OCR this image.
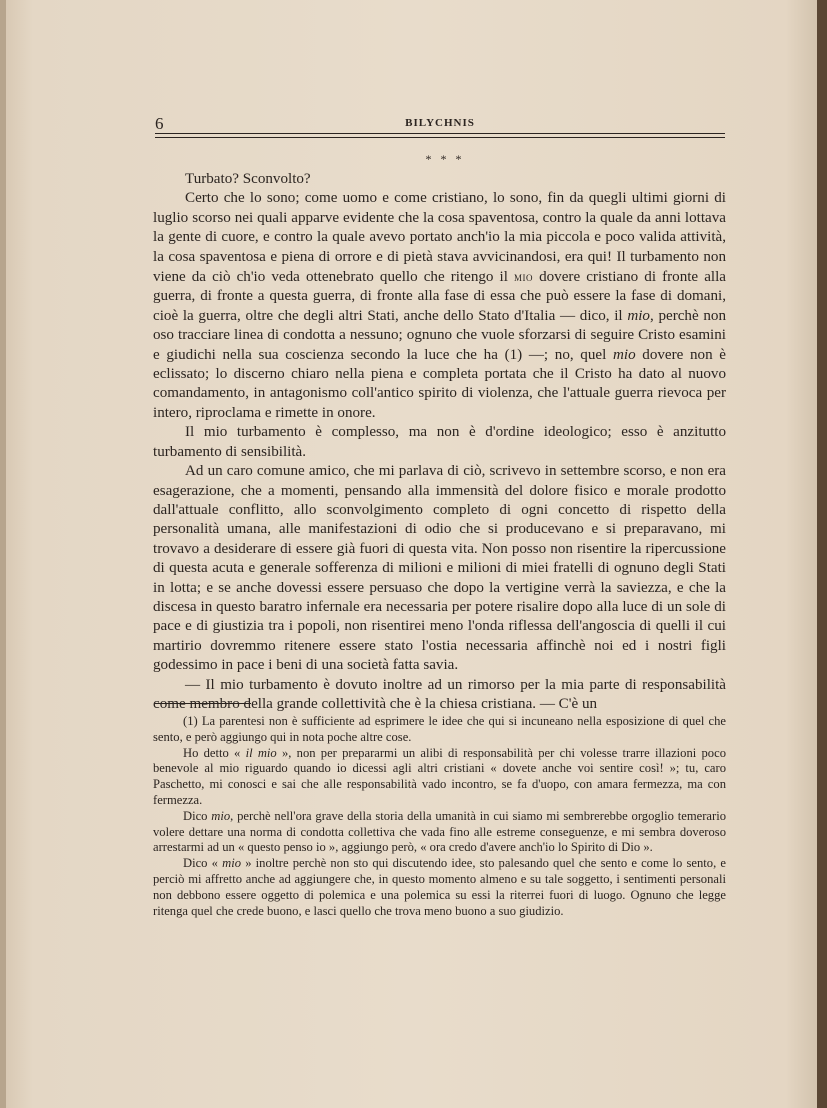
6	BILYCHNIS
* * *

Turbato? Sconvolto?

Certo che lo sono; come uomo e come cristiano, lo sono, fin da quegli ultimi giorni di luglio scorso nei quali apparve evidente che la cosa spaventosa, contro la quale da anni lottava la gente di cuore, e contro la quale avevo portato anch'io la mia piccola e poco valida attività, la cosa spaventosa e piena di orrore e di pietà stava avvicinandosi, era qui! Il turbamento non viene da ciò ch'io veda ottenebrato quello che ritengo il mio dovere cristiano di fronte alla guerra, di fronte a questa guerra, di fronte alla fase di essa che può essere la fase di domani, cioè la guerra, oltre che degli altri Stati, anche dello Stato d'Italia — dico, il mio, perchè non oso tracciare linea di condotta a nessuno; ognuno che vuole sforzarsi di seguire Cristo esamini e giudichi nella sua coscienza secondo la luce che ha (1) —; no, quel mio dovere non è eclissato; lo discerno chiaro nella piena e completa portata che il Cristo ha dato al nuovo comandamento, in antagonismo coll'antico spirito di violenza, che l'attuale guerra rievoca per intero, riproclama e rimette in onore.

Il mio turbamento è complesso, ma non è d'ordine ideologico; esso è anzitutto turbamento di sensibilità.

Ad un caro comune amico, che mi parlava di ciò, scrivevo in settembre scorso, e non era esagerazione, che a momenti, pensando alla immensità del dolore fisico e morale prodotto dall'attuale conflitto, allo sconvolgimento completo di ogni concetto di rispetto della personalità umana, alle manifestazioni di odio che si producevano e si preparavano, mi trovavo a desiderare di essere già fuori di questa vita. Non posso non risentire la ripercussione di questa acuta e generale sofferenza di milioni e milioni di miei fratelli di ognuno degli Stati in lotta; e se anche dovessi essere persuaso che dopo la vertigine verrà la saviezza, e che la discesa in questo baratro infernale era necessaria per potere risalire dopo alla luce di un sole di pace e di giustizia tra i popoli, non risentirei meno l'onda riflessa dell'angoscia di quelli il cui martirio dovremmo ritenere essere stato l'ostia necessaria affinchè noi ed i nostri figli godessimo in pace i beni di una società fatta savia.

— Il mio turbamento è dovuto inoltre ad un rimorso per la mia parte di responsabilità come membro della grande collettività che è la chiesa cristiana. — C'è un

(1) La parentesi non è sufficiente ad esprimere le idee che qui si incuneano nella esposizione di quel che sento, e però aggiungo qui in nota poche altre cose.

Ho detto « il mio », non per prepararmi un alibi di responsabilità per chi volesse trarre illazioni poco benevole al mio riguardo quando io dicessi agli altri cristiani « dovete anche voi sentire così! »; tu, caro Paschetto, mi conosci e sai che alle responsabilità vado incontro, se fa d'uopo, con amara fermezza, ma con fermezza.

Dico mio, perchè nell'ora grave della storia della umanità in cui siamo mi sembrerebbe orgoglio temerario volere dettare una norma di condotta collettiva che vada fino alle estreme conseguenze, e mi sembra doveroso arrestarmi ad un « questo penso io », aggiungo però, « ora credo d'avere anch'io lo Spirito di Dio ».

Dico « mio » inoltre perchè non sto qui discutendo idee, sto palesando quel che sento e come lo sento, e perciò mi affretto anche ad aggiungere che, in questo momento almeno e su tale soggetto, i sentimenti personali non debbono essere oggetto di polemica e una polemica su essi la riterrei fuori di luogo. Ognuno che legge ritenga quel che crede buono, e lasci quello che trova meno buono a suo giudizio.
